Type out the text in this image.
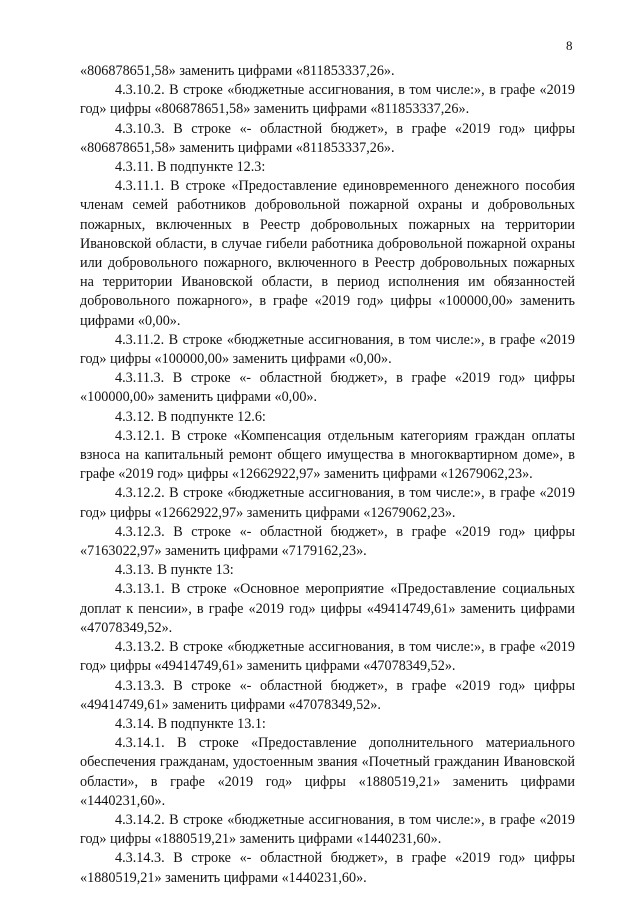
8

«806878651,58» заменить цифрами «811853337,26».

4.3.10.2. В строке «бюджетные ассигнования, в том числе:», в графе «2019 год» цифры «806878651,58» заменить цифрами «811853337,26».

4.3.10.3. В строке «- областной бюджет», в графе «2019 год» цифры «806878651,58» заменить цифрами «811853337,26».

4.3.11. В подпункте 12.3:

4.3.11.1. В строке «Предоставление единовременного денежного пособия членам семей работников добровольной пожарной охраны и добровольных пожарных, включенных в Реестр добровольных пожарных на территории Ивановской области, в случае гибели работника добровольной пожарной охраны или добровольного пожарного, включенного в Реестр добровольных пожарных на территории Ивановской области, в период исполнения им обязанностей добровольного пожарного», в графе «2019 год» цифры «100000,00» заменить цифрами «0,00».

4.3.11.2. В строке «бюджетные ассигнования, в том числе:», в графе «2019 год» цифры «100000,00» заменить цифрами «0,00».

4.3.11.3. В строке «- областной бюджет», в графе «2019 год» цифры «100000,00» заменить цифрами «0,00».

4.3.12. В подпункте 12.6:

4.3.12.1. В строке «Компенсация отдельным категориям граждан оплаты взноса на капитальный ремонт общего имущества в многоквартирном доме», в графе «2019 год» цифры «12662922,97» заменить цифрами «12679062,23».

4.3.12.2. В строке «бюджетные ассигнования, в том числе:», в графе «2019 год» цифры «12662922,97» заменить цифрами «12679062,23».

4.3.12.3. В строке «- областной бюджет», в графе «2019 год» цифры «7163022,97» заменить цифрами «7179162,23».

4.3.13. В пункте 13:

4.3.13.1. В строке «Основное мероприятие «Предоставление социальных доплат к пенсии», в графе «2019 год» цифры «49414749,61» заменить цифрами «47078349,52».

4.3.13.2. В строке «бюджетные ассигнования, в том числе:», в графе «2019 год» цифры «49414749,61» заменить цифрами «47078349,52».

4.3.13.3. В строке «- областной бюджет», в графе «2019 год» цифры «49414749,61» заменить цифрами «47078349,52».

4.3.14. В подпункте 13.1:

4.3.14.1. В строке «Предоставление дополнительного материального обеспечения гражданам, удостоенным звания «Почетный гражданин Ивановской области», в графе «2019 год» цифры «1880519,21» заменить цифрами «1440231,60».

4.3.14.2. В строке «бюджетные ассигнования, в том числе:», в графе «2019 год» цифры «1880519,21» заменить цифрами «1440231,60».

4.3.14.3. В строке «- областной бюджет», в графе «2019 год» цифры «1880519,21» заменить цифрами «1440231,60».
